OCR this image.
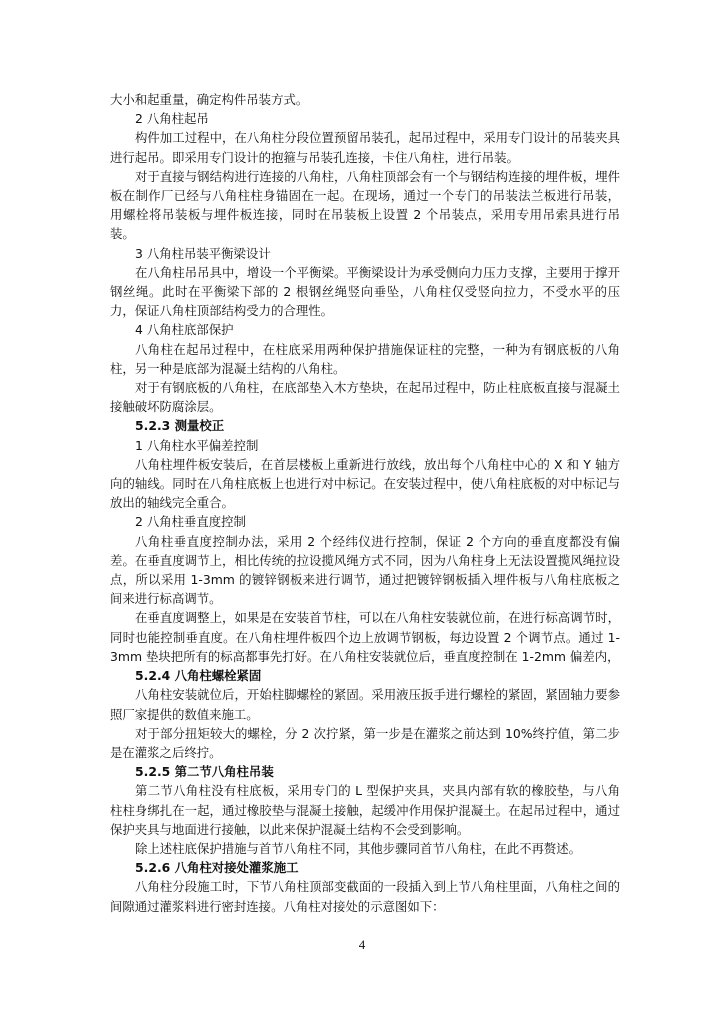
大小和起重量，确定构件吊装方式。

2 八角柱起吊

构件加工过程中，在八角柱分段位置预留吊装孔，起吊过程中，采用专门设计的吊装夹具进行起吊。即采用专门设计的抱箍与吊装孔连接，卡住八角柱，进行吊装。

对于直接与钢结构进行连接的八角柱，八角柱顶部会有一个与钢结构连接的埋件板，埋件板在制作厂已经与八角柱柱身锚固在一起。在现场，通过一个专门的吊装法兰板进行吊装， 用螺栓将吊装板与埋件板连接，同时在吊装板上设置 2 个吊装点，采用专用吊索具进行吊装。

3 八角柱吊装平衡梁设计

在八角柱吊吊具中，增设一个平衡梁。平衡梁设计为承受侧向力压力支撑，主要用于撑开钢丝绳。此时在平衡梁下部的 2 根钢丝绳竖向垂坠，八角柱仅受竖向拉力，不受水平的压力，保证八角柱顶部结构受力的合理性。

4 八角柱底部保护

八角柱在起吊过程中，在柱底采用两种保护措施保证柱的完整，一种为有钢底板的八角柱，另一种是底部为混凝土结构的八角柱。

对于有钢底板的八角柱，在底部垫入木方垫块，在起吊过程中，防止柱底板直接与混凝土接触破坏防腐涂层。

5.2.3 测量校正

1 八角柱水平偏差控制

八角柱埋件板安装后，在首层楼板上重新进行放线，放出每个八角柱中心的 X 和 Y 轴方向的轴线。同时在八角柱底板上也进行对中标记。在安装过程中，使八角柱底板的对中标记与放出的轴线完全重合。

2 八角柱垂直度控制

八角柱垂直度控制办法，采用 2 个经纬仪进行控制，保证 2 个方向的垂直度都没有偏差。在垂直度调节上，相比传统的拉设揽风绳方式不同，因为八角柱身上无法设置揽风绳拉设点，所以采用 1-3mm 的镀锌钢板来进行调节，通过把镀锌钢板插入埋件板与八角柱底板之间来进行标高调节。

在垂直度调整上，如果是在安装首节柱，可以在八角柱安装就位前，在进行标高调节时， 同时也能控制垂直度。在八角柱埋件板四个边上放调节钢板，每边设置 2 个调节点。通过 1-3mm 垫块把所有的标高都事先打好。在八角柱安装就位后，垂直度控制在 1-2mm 偏差内，

5.2.4 八角柱螺栓紧固

八角柱安装就位后，开始柱脚螺栓的紧固。采用液压扳手进行螺栓的紧固，紧固轴力要参照厂家提供的数值来施工。

对于部分扭矩较大的螺栓，分 2 次拧紧，第一步是在灌浆之前达到 10%终拧值，第二步是在灌浆之后终拧。

5.2.5 第二节八角柱吊装

第二节八角柱没有柱底板，采用专门的 L 型保护夹具，夹具内部有软的橡胶垫，与八角柱柱身绑扎在一起，通过橡胶垫与混凝土接触，起缓冲作用保护混凝土。在起吊过程中，通过保护夹具与地面进行接触，以此来保护混凝土结构不会受到影响。

除上述柱底保护措施与首节八角柱不同，其他步骤同首节八角柱，在此不再赘述。

5.2.6 八角柱对接处灌浆施工

八角柱分段施工时，下节八角柱顶部变截面的一段插入到上节八角柱里面，八角柱之间的间隙通过灌浆料进行密封连接。八角柱对接处的示意图如下：

4
